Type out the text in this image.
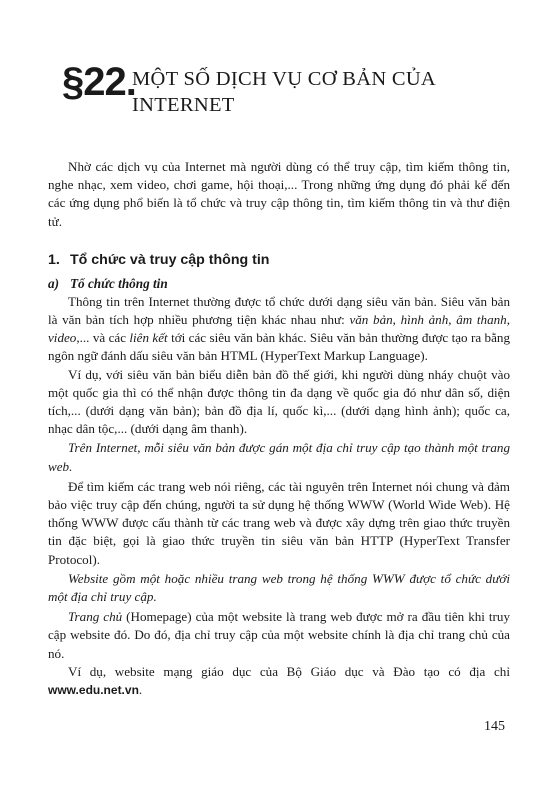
§22.
MỘT SỐ DỊCH VỤ CƠ BẢN CỦA
INTERNET

Nhờ các dịch vụ của Internet mà người dùng có thể truy cập, tìm kiếm thông tin, nghe nhạc, xem video, chơi game, hội thoại,... Trong những ứng dụng đó phải kể đến các ứng dụng phổ biến là tổ chức và truy cập thông tin, tìm kiếm thông tin và thư điện tử.

1. Tổ chức và truy cập thông tin
a) Tổ chức thông tin

Thông tin trên Internet thường được tổ chức dưới dạng siêu văn bản. Siêu văn bản là văn bản tích hợp nhiều phương tiện khác nhau như: văn bản, hình ảnh, âm thanh, video,... và các liên kết tới các siêu văn bản khác. Siêu văn bản thường được tạo ra bằng ngôn ngữ đánh dấu siêu văn bản HTML (HyperText Markup Language).

Ví dụ, với siêu văn bản biểu diễn bản đồ thế giới, khi người dùng nháy chuột vào một quốc gia thì có thể nhận được thông tin đa dạng về quốc gia đó như dân số, diện tích,... (dưới dạng văn bản); bản đồ địa lí, quốc kì,... (dưới dạng hình ảnh); quốc ca, nhạc dân tộc,... (dưới dạng âm thanh).

Trên Internet, mỗi siêu văn bản được gán một địa chỉ truy cập tạo thành một trang web.

Để tìm kiếm các trang web nói riêng, các tài nguyên trên Internet nói chung và đảm bảo việc truy cập đến chúng, người ta sử dụng hệ thống WWW (World Wide Web). Hệ thống WWW được cấu thành từ các trang web và được xây dựng trên giao thức truyền tin đặc biệt, gọi là giao thức truyền tin siêu văn bản HTTP (HyperText Transfer Protocol).

Website gồm một hoặc nhiều trang web trong hệ thống WWW được tổ chức dưới một địa chỉ truy cập.

Trang chủ (Homepage) của một website là trang web được mở ra đầu tiên khi truy cập website đó. Do đó, địa chỉ truy cập của một website chính là địa chỉ trang chủ của nó.

Ví dụ, website mạng giáo dục của Bộ Giáo dục và Đào tạo có địa chỉ www.edu.net.vn.

145
